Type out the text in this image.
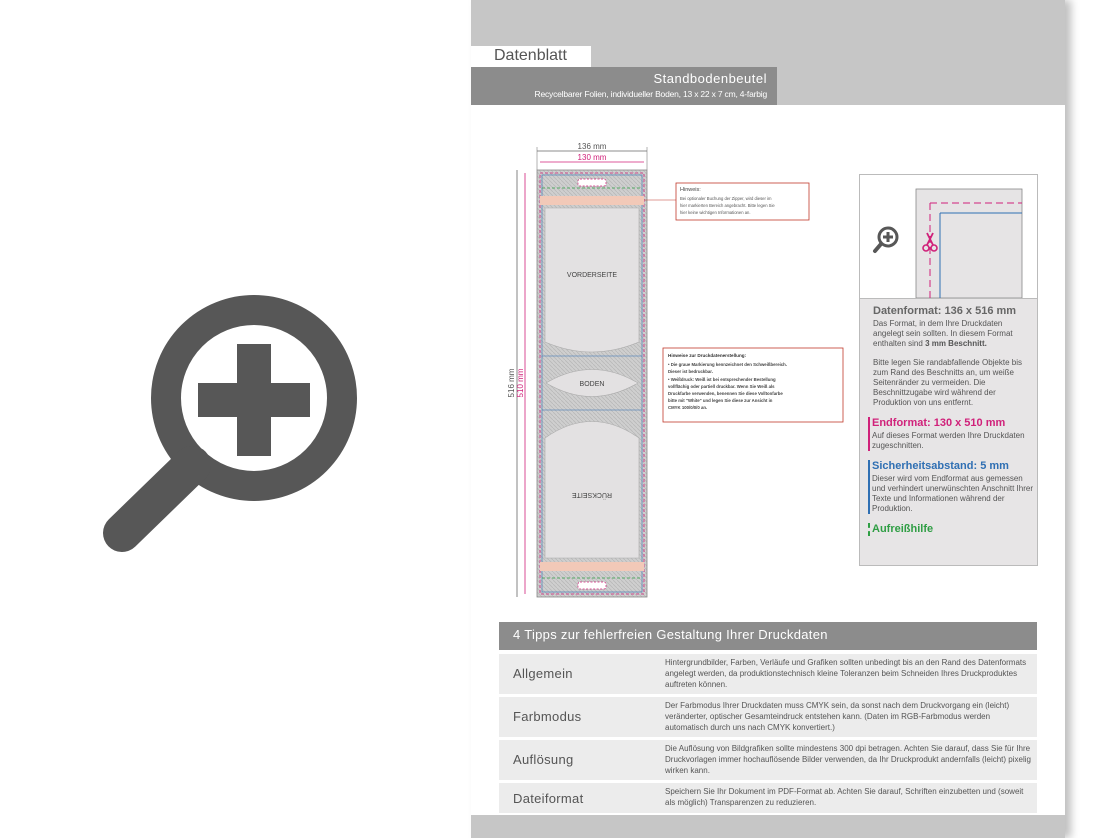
Datenblatt
Standbodenbeutel
Recycelbarer Folien, individueller Boden, 13 x 22 x 7 cm, 4-farbig
136 mm
130 mm
516 mm 510 mm
VORDERSEITE
BODEN
RÜCKSEITE
Hinweis:
Bei optionaler Buchung der Zipper, wird dieser im
hier markierten Bereich angebracht. Bitte legen Sie
hier keine wichtigen Informationen an.
Hinweise zur Druckdatenerstellung:
• Die graue Markierung kennzeichnet den Schweißbereich.
Dieser ist bedruckbar.
• Weißdruck: Weiß ist bei entsprechender Bestellung
vollflächig oder partiell druckbar. Wenn Sie Weiß als
Druckfarbe verwenden, benennen Sie diese Volltonfarbe
bitte mit "White" und legen Sie diese zur Ansicht in
CMYK 100/0/0/0 an.
Datenformat: 136 x 516 mm
Das Format, in dem Ihre Druckdaten angelegt sein sollten. In diesem Format enthalten sind 3 mm Beschnitt.
Bitte legen Sie randabfallende Objekte bis zum Rand des Beschnitts an, um weiße Seitenränder zu vermeiden. Die Beschnittzugabe wird während der Produktion von uns entfernt.
Endformat: 130 x 510 mm
Auf dieses Format werden Ihre Druckdaten zugeschnitten.
Sicherheitsabstand: 5 mm
Dieser wird vom Endformat aus gemessen und verhindert unerwünschten Anschnitt Ihrer Texte und Informationen während der Produktion.
Aufreißhilfe
4 Tipps zur fehlerfreien Gestaltung Ihrer Druckdaten
Allgemein
Hintergrundbilder, Farben, Verläufe und Grafiken sollten unbedingt bis an den Rand des Datenformats angelegt werden, da produktionstechnisch kleine Toleranzen beim Schneiden Ihres Druckproduktes auftreten können.
Farbmodus
Der Farbmodus Ihrer Druckdaten muss CMYK sein, da sonst nach dem Druckvorgang ein (leicht) veränderter, optischer Gesamteindruck entstehen kann. (Daten im RGB-Farbmodus werden automatisch durch uns nach CMYK konvertiert.)
Auflösung
Die Auflösung von Bildgrafiken sollte mindestens 300 dpi betragen. Achten Sie darauf, dass Sie für Ihre Druckvorlagen immer hochauflösende Bilder verwenden, da Ihr Druckprodukt andernfalls (leicht) pixelig wirken kann.
Dateiformat	Speichern Sie Ihr Dokument im PDF-Format ab. Achten Sie darauf, Schriften einzubetten und (soweit als möglich) Transparenzen zu reduzieren.
